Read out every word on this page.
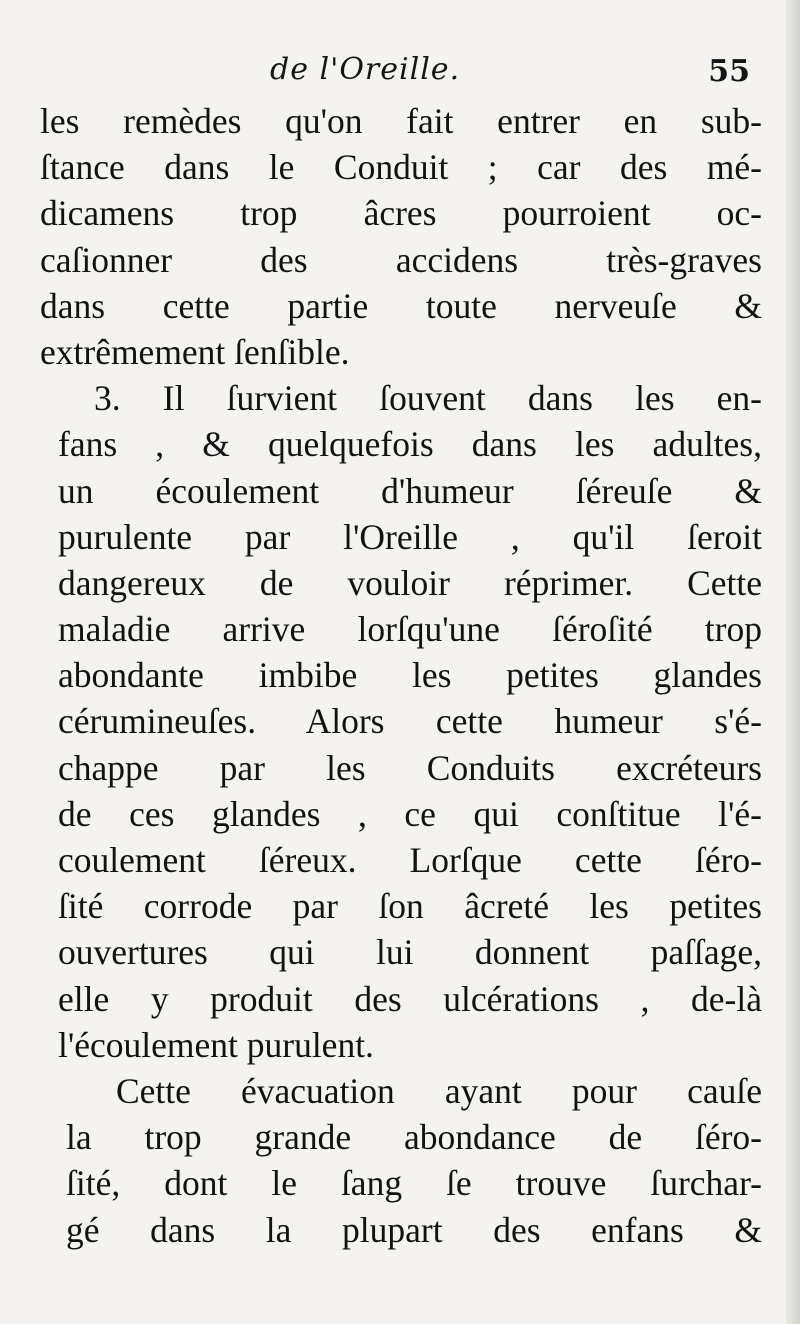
de l'Oreille.	55
les remèdes qu'on fait entrer en sub-
ſtance dans le Conduit ; car des mé-
dicamens trop âcres pourroient oc-
caſionner des accidens très-graves
dans cette partie toute nerveuſe &
extrêmement ſenſible.
3. Il ſurvient ſouvent dans les en-
fans , & quelquefois dans les adultes,
un écoulement d'humeur ſéreuſe &
purulente par l'Oreille , qu'il ſeroit
dangereux de vouloir réprimer. Cette
maladie arrive lorſqu'une ſéroſité trop
abondante imbibe les petites glandes
cérumineuſes. Alors cette humeur s'é-
chappe par les Conduits excréteurs
de ces glandes , ce qui conſtitue l'é-
coulement ſéreux. Lorſque cette ſéro-
ſité corrode par ſon âcreté les petites
ouvertures qui lui donnent paſſage,
elle y produit des ulcérations , de-là
l'écoulement purulent.
Cette évacuation ayant pour cauſe
la trop grande abondance de ſéro-
ſité, dont le ſang ſe trouve ſurchar-
gé dans la plupart des enfans &
